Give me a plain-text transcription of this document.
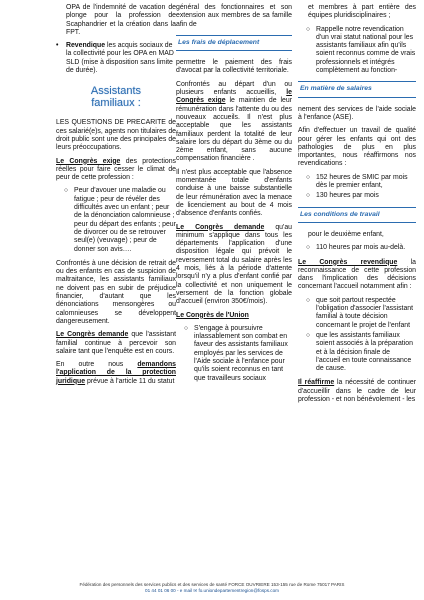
OPA de l'indemnité de vacation de plonge pour la profession de Scaphandrier et la création dans la FPT.

• Revendique les acquis sociaux de la collectivité pour les OPA en MAD SLD (mise à disposition sans limite de durée).
Assistants
familiaux :

LES QUESTIONS DE PRECARITE de ces salarié(e)s, agents non titulaires de droit public sont une des principales de leurs préoccupations.

Le Congrès exige des protections réelles pour faire cesser le climat de peur de cette profession :

○ Peur d'avouer une maladie ou fatigue ; peur de révéler des difficultés avec un enfant ; peur de la dénonciation calomnieuse ; peur du départ des enfants ; peur de divorcer ou de se retrouver seul(e) (veuvage) ; peur de donner son avis….

Confrontés à une décision de retrait de ou des enfants en cas de suspicion de maltraitance, les assistants familiaux ne doivent pas en subir de préjudice financier, d'autant que les dénonciations mensongères ou calomnieuses se développent dangereusement.

Le Congrès demande que l'assistant familial continue à percevoir son salaire tant que l'enquête est en cours.

En outre nous demandons l'application de la protection juridique prévue à l'article 11 du statut

général des fonctionnaires et son extension aux membres de sa famille afin de

Les frais de déplacement

permettre le paiement des frais d'avocat par la collectivité territoriale.

Confrontés au départ d'un ou plusieurs enfants accueillis, le Congrès exige le maintien de leur rémunération dans l'attente du ou des nouveaux accueils. Il n'est plus acceptable que les assistants familiaux perdent la totalité de leur salaire lors du départ du 3ème ou du 2ème enfant, sans aucune compensation financière .

Il n'est plus acceptable que l'absence momentanée totale d'enfants conduise à une baisse substantielle de leur rémunération avec la menace de licenciement au bout de 4 mois d'absence d'enfants confiés.

Le Congrès demande qu'au minimum s'applique dans tous les départements l'application d'une disposition légale qui prévoit le reversement total du salaire après les 4 mois, liés à la période d'attente lorsqu'il n'y a plus d'enfant confié par la collectivité et non uniquement le versement de la fonction globale d'accueil (environ 350€/mois).

Le Congrès de l'Union

○ S'engage à poursuivre inlassablement son combat en faveur des assistants familiaux employés par les services de l'Aide sociale à l'enfance pour qu'ils soient reconnus en tant que travailleurs sociaux

et membres à part entière des équipes pluridisciplinaires ;

○ Rappelle notre revendication d'un vrai statut national pour les assistants familiaux afin qu'ils soient reconnus comme de vrais professionnels et intégrés complètement au fonction-
En matière de salaires

nement des services de l'aide sociale à l'enfance (ASE).

Afin d'effectuer un travail de qualité pour gérer les enfants qui ont des pathologies de plus en plus importantes, nous réaffirmons nos revendications :

○ 152 heures de SMIC par mois dès le premier enfant,
○ 130 heures par mois
Les conditions de travail

pour le deuxième enfant,

○ 110 heures par mois au-delà.

Le Congrès revendique la reconnaissance de cette profession dans l'implication des décisions concernant l'accueil notamment afin :

○ que soit partout respectée l'obligation d'associer l'assistant familial à toute décision concernant le projet de l'enfant
○ que les assistants familiaux soient associés à la préparation et à la décision finale de l'accueil en toute connaissance de cause.

Il réaffirme la nécessité de continuer d'accueillir dans le cadre de leur profession - et non bénévolement - les

Fédération des personnels des services publics et des services de santé FORCE OUVRIERE 153-155 rue de Rome 75017 PARIS
01 44 01 06 00 - e mail ✉ fo.uniondepartementregion@fosps.com
